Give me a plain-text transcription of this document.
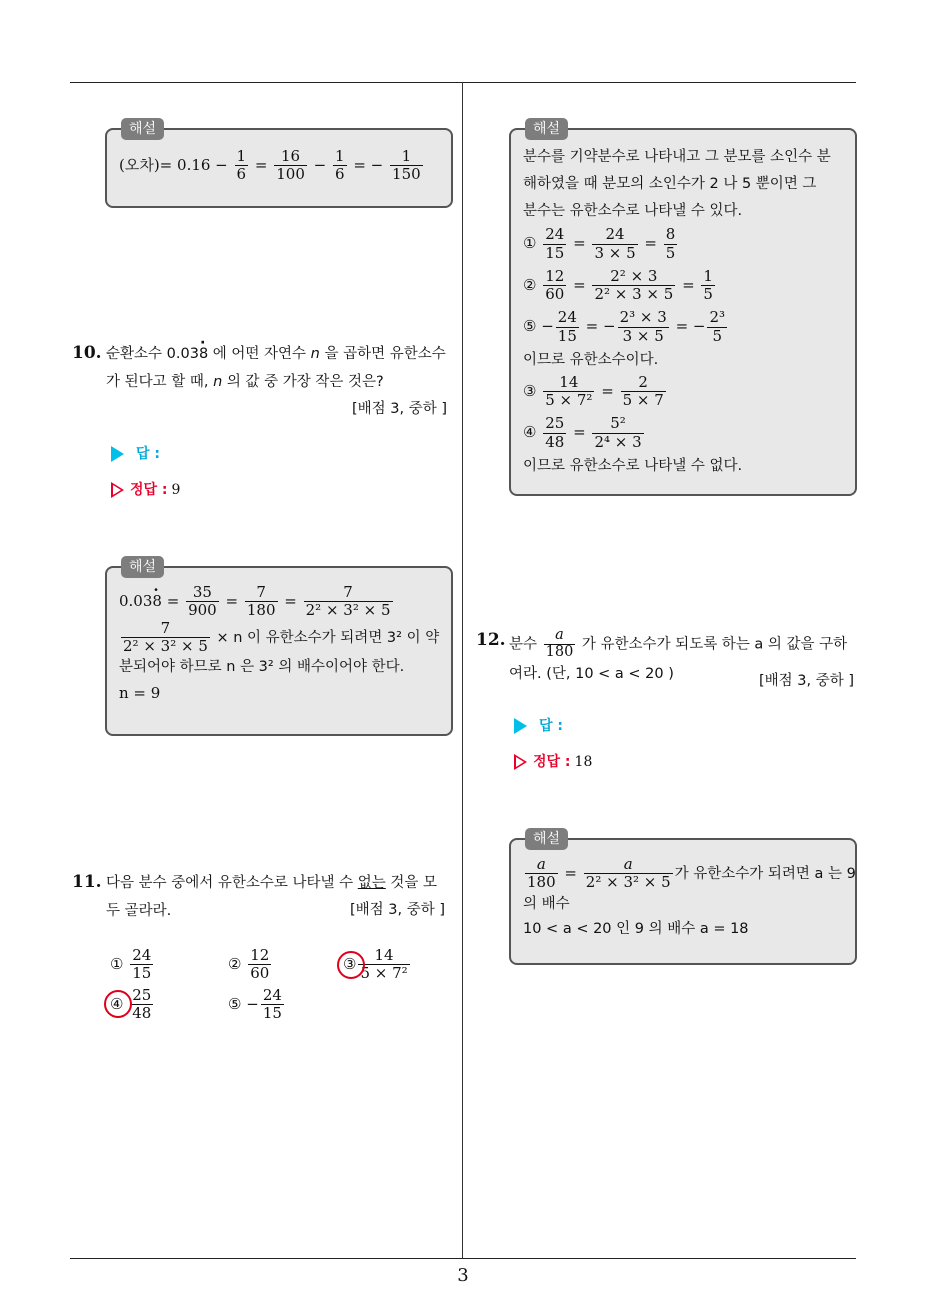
해설
(오차)= $0.16 - \frac{1}{6} = \frac{16}{100} - \frac{1}{6}$ = − $\frac{1}{150}$
10. 순환소수 0.03· 8 에 어떤 자연수 n 을 곱하면 유한소수
가 된다고 할 때, n 의 값 중 가장 작은 것은?
[배점 3, 중하 ]
답 :
정답 : 9
해설
$0.03\cdot 8 = \frac{35}{900} = \frac{7}{180} = \frac{7}{\text{2² × 3² × 5}}$
$\frac{7}{\text{2² × 3² × 5}} \times n$ 이 유한소수가 되려면 3² 이 약
분되어야 하므로 n 은 3² 의 배수이어야 한다.
n = 9
11. 다음 분수 중에서 유한소수로 나타낼 수 없는 것을 모
두 골라라.	[배점 3, 중하 ]
① $\frac{24}{15}$	② $\frac{12}{60}$	③ $\frac{14}{\text{5 × 7²}}$
④ $\frac{25}{48}$	⑤ − $\frac{24}{15}$
해설
분수를 기약분수로 나타내고 그 분모를 소인수 분
해하였을 때 분모의 소인수가 2 나 5 뿐이면 그
분수는 유한소수로 나타낼 수 있다.
① $\frac{24}{15} = \frac{24}{3 \times 5} = \frac{8}{5}$
② $\frac{12}{60} = \frac{\text{2² × 3}}{\text{2² × 3 × 5}} = \frac{1}{5}$
⑤ − $\frac{24}{15}$ = − $\frac{\text{2³ × 3}}{3 \times 5}$ = − $\frac{\text{2³}}{5}$
이므로 유한소수이다.
③ $\frac{14}{\text{5 × 7²}} = \frac{2}{5 \times 7}$
④ $\frac{25}{48} = \frac{\text{5²}}{\text{2⁴ × 3}}$
이므로 유한소수로 나타낼 수 없다.
12. 분수 $\frac{a}{180}$ 가 유한소수가 되도록 하는 a 의 값을 구하
여라. (단, 10 < a < 20 )	[배점 3, 중하 ]
답 :
정답 : 18
해설
$\frac{a}{180} = \frac{a}{\text{2² × 3² × 5}}$ 가 유한소수가 되려면 a 는 9
의 배수
10 < a < 20 인 9 의 배수 a = 18
3
